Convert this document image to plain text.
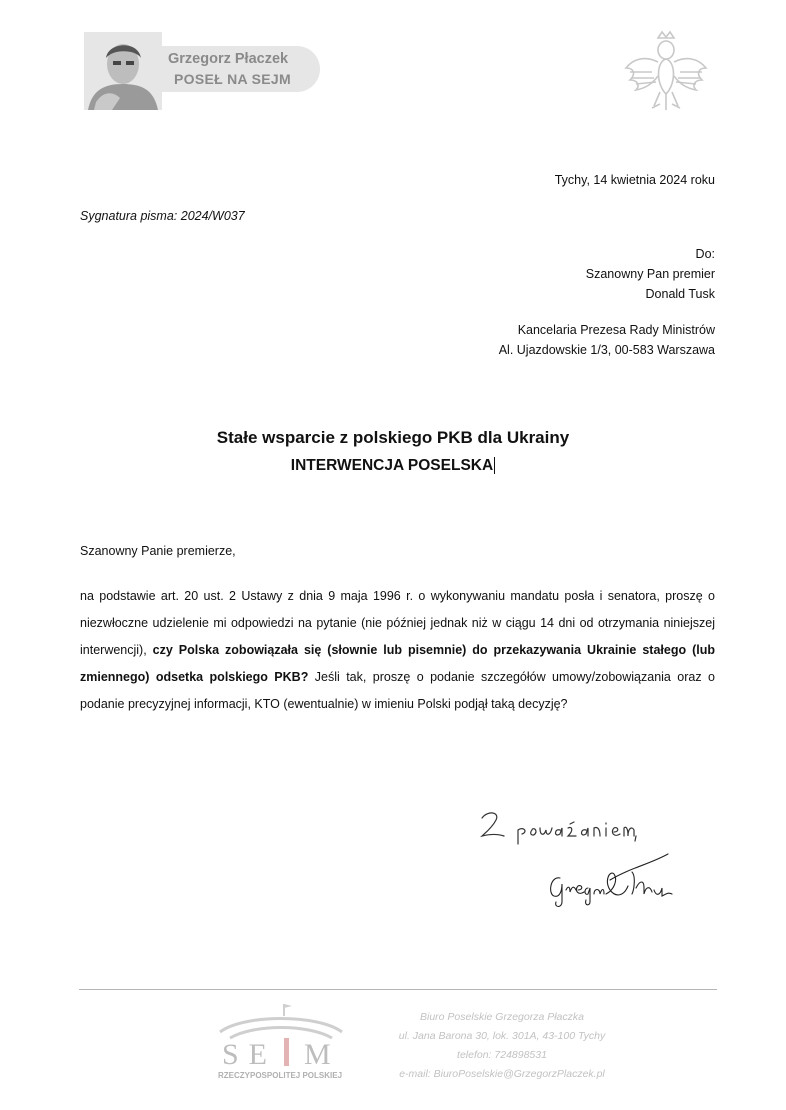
Grzegorz Płaczek
POSEŁ NA SEJM
Tychy, 14 kwietnia 2024 roku
Sygnatura pisma: 2024/W037
Do:
Szanowny Pan premier
Donald Tusk
Kancelaria Prezesa Rady Ministrów
Al. Ujazdowskie 1/3, 00-583 Warszawa
Stałe wsparcie z polskiego PKB dla Ukrainy
INTERWENCJA POSELSKA
Szanowny Panie premierze,
na podstawie art. 20 ust. 2 Ustawy z dnia 9 maja 1996 r. o wykonywaniu mandatu posła i senatora, proszę o niezwłoczne udzielenie mi odpowiedzi na pytanie (nie później jednak niż w ciągu 14 dni od otrzymania niniejszej interwencji), czy Polska zobowiązała się (słownie lub pisemnie) do przekazywania Ukrainie stałego (lub zmiennego) odsetka polskiego PKB? Jeśli tak, proszę o podanie szczegółów umowy/zobowiązania oraz o podanie precyzyjnej informacji, KTO (ewentualnie) w imieniu Polski podjął taką decyzję?
SE M
RZECZYPOSPOLITEJ POLSKIEJ
Biuro Poselskie Grzegorza Płaczka
ul. Jana Barona 30, lok. 301A, 43-100 Tychy
telefon: 724898531
e-mail: BiuroPoselskie@GrzegorzPlaczek.pl
